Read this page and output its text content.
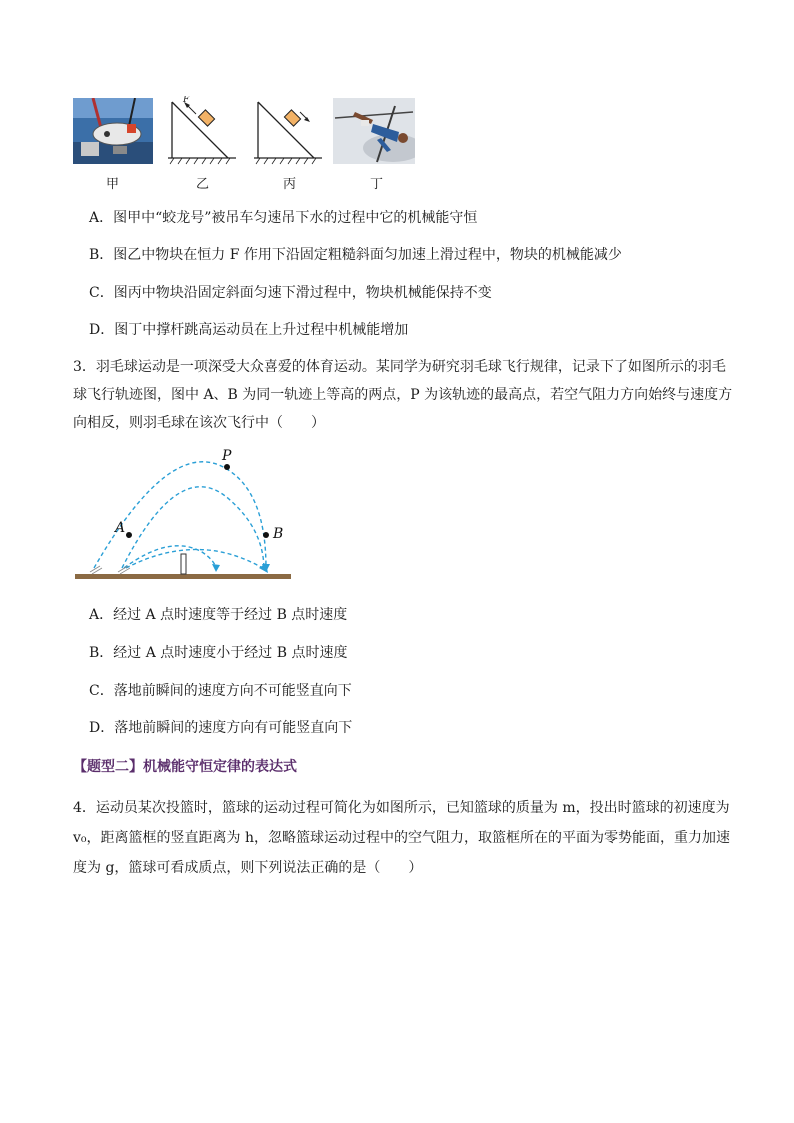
F
甲	乙	丙	丁
A．图甲中“蛟龙号”被吊车匀速吊下水的过程中它的机械能守恒
B．图乙中物块在恒力 F 作用下沿固定粗糙斜面匀加速上滑过程中，物块的机械能减少
C．图丙中物块沿固定斜面匀速下滑过程中，物块机械能保持不变
D．图丁中撑杆跳高运动员在上升过程中机械能增加
3．羽毛球运动是一项深受大众喜爱的体育运动。某同学为研究羽毛球飞行规律，记录下了如图所示的羽毛
球飞行轨迹图，图中 A、B 为同一轨迹上等高的两点，P 为该轨迹的最高点，若空气阻力方向始终与速度方
向相反，则羽毛球在该次飞行中（　　）
A
P
B
A．经过 A 点时速度等于经过 B 点时速度
B．经过 A 点时速度小于经过 B 点时速度
C．落地前瞬间的速度方向不可能竖直向下
D．落地前瞬间的速度方向有可能竖直向下
【题型二】机械能守恒定律的表达式
4．运动员某次投篮时，篮球的运动过程可简化为如图所示，已知篮球的质量为 m，投出时篮球的初速度为
v₀，距离篮框的竖直距离为 h，忽略篮球运动过程中的空气阻力，取篮框所在的平面为零势能面，重力加速
度为 g，篮球可看成质点，则下列说法正确的是（　　）
